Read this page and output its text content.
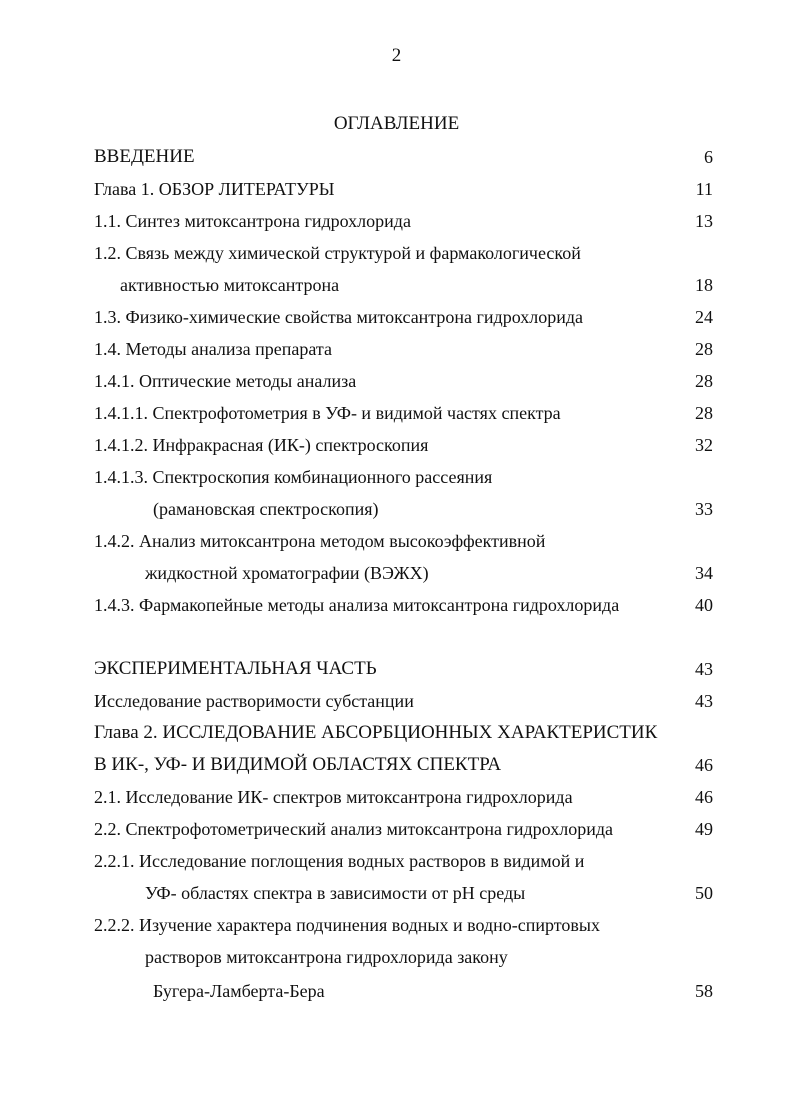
2
ОГЛАВЛЕНИЕ
ВВЕДЕНИЕ	6
Глава 1. ОБЗОР ЛИТЕРАТУРЫ	11
1.1. Синтез митоксантрона гидрохлорида	13
1.2. Связь между химической структурой и фармакологической
активностью митоксантрона	18
1.3. Физико-химические свойства митоксантрона гидрохлорида	24
1.4. Методы анализа препарата	28
1.4.1. Оптические методы анализа	28
1.4.1.1. Спектрофотометрия в УФ- и видимой частях спектра	28
1.4.1.2. Инфракрасная (ИК-) спектроскопия	32
1.4.1.3. Спектроскопия комбинационного рассеяния
(рамановская спектроскопия)	33
1.4.2. Анализ митоксантрона методом высокоэффективной
жидкостной хроматографии (ВЭЖХ)	34
1.4.3. Фармакопейные методы анализа митоксантрона гидрохлорида	40
ЭКСПЕРИМЕНТАЛЬНАЯ ЧАСТЬ	43
Исследование растворимости субстанции	43
Глава 2. ИССЛЕДОВАНИЕ АБСОРБЦИОННЫХ ХАРАКТЕРИСТИК
В ИК-, УФ- И ВИДИМОЙ ОБЛАСТЯХ СПЕКТРА	46
2.1. Исследование ИК- спектров митоксантрона гидрохлорида	46
2.2. Спектрофотометрический анализ митоксантрона гидрохлорида	49
2.2.1. Исследование поглощения водных растворов в видимой и
УФ- областях спектра в зависимости от pH среды	50
2.2.2. Изучение характера подчинения водных и водно-спиртовых
растворов митоксантрона гидрохлорида закону
Бугера-Ламберта-Бера	58
